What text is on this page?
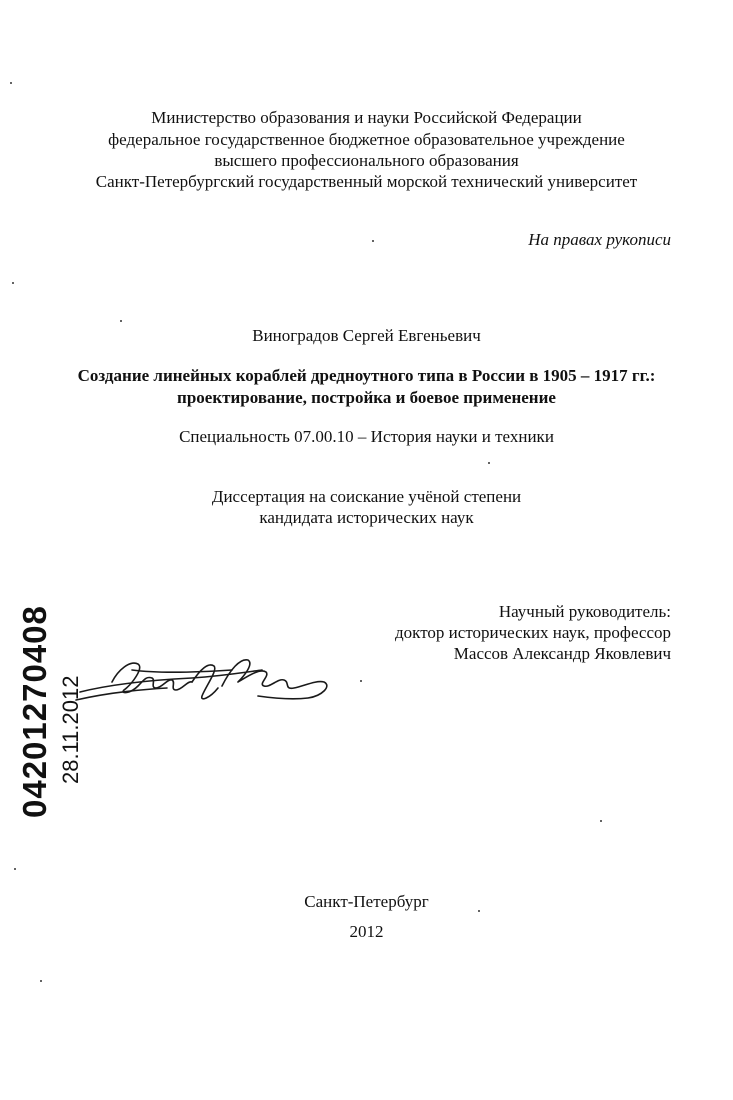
Министерство образования и науки Российской Федерации
федеральное государственное бюджетное образовательное учреждение
высшего профессионального образования
Санкт-Петербургский государственный морской технический университет
На правах рукописи
Виноградов Сергей Евгеньевич
Создание линейных кораблей дредноутного типа в России в 1905 – 1917 гг.:
проектирование, постройка и боевое применение
Специальность 07.00.10 – История науки и техники
Диссертация на соискание учёной степени
кандидата исторических наук
Научный руководитель:
доктор исторических наук, профессор
Массов Александр Яковлевич
04201270408 28.11.2012
Санкт-Петербург
2012
